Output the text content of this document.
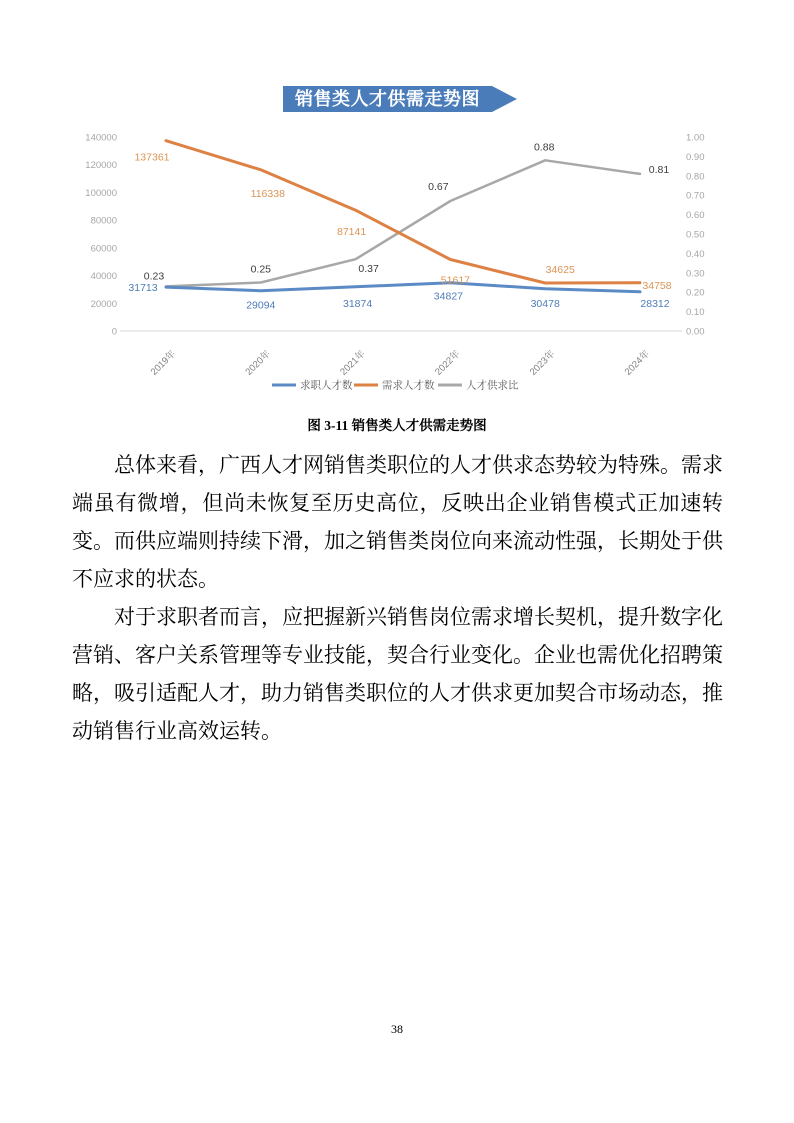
销售类人才供需走势图
0
20000
40000
60000
80000
100000
120000
140000
0.00
0.10
0.20
0.30
0.40
0.50
0.60
0.70
0.80
0.90
1.00
2019年	2020年	2021年	2022年	2023年	2024年
31713
29094	31874
34827
30478	28312
137361
116338
87141
51617
34625
34758
0.23
0.25	0.37
0.67
0.88
0.81
求职人才数	需求人才数	人才供求比
图 3-11 销售类人才供需走势图

总体来看，广西人才网销售类职位的人才供求态势较为特殊。需求端虽有微增，但尚未恢复至历史高位，反映出企业销售模式正加速转变。而供应端则持续下滑，加之销售类岗位向来流动性强，长期处于供不应求的状态。

对于求职者而言，应把握新兴销售岗位需求增长契机，提升数字化营销、客户关系管理等专业技能，契合行业变化。企业也需优化招聘策略，吸引适配人才，助力销售类职位的人才供求更加契合市场动态，推动销售行业高效运转。

38
